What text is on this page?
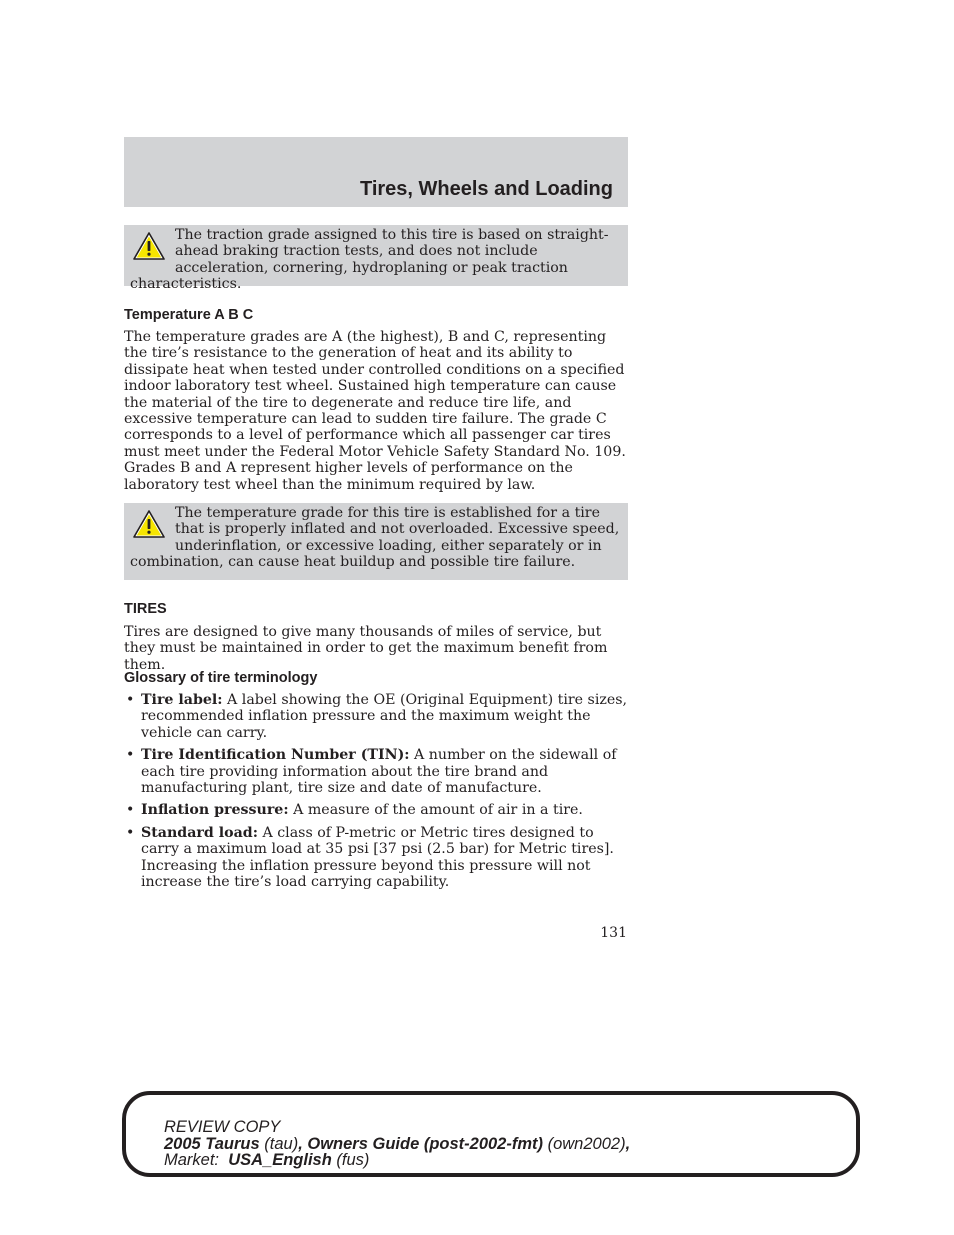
Tires, Wheels and Loading

The traction grade assigned to this tire is based on straight-ahead braking traction tests, and does not include acceleration, cornering, hydroplaning or peak traction characteristics.

Temperature A B C

The temperature grades are A (the highest), B and C, representing the tire’s resistance to the generation of heat and its ability to dissipate heat when tested under controlled conditions on a specified indoor laboratory test wheel. Sustained high temperature can cause the material of the tire to degenerate and reduce tire life, and excessive temperature can lead to sudden tire failure. The grade C corresponds to a level of performance which all passenger car tires must meet under the Federal Motor Vehicle Safety Standard No. 109. Grades B and A represent higher levels of performance on the laboratory test wheel than the minimum required by law.

The temperature grade for this tire is established for a tire that is properly inflated and not overloaded. Excessive speed, underinflation, or excessive loading, either separately or in combination, can cause heat buildup and possible tire failure.

TIRES

Tires are designed to give many thousands of miles of service, but they must be maintained in order to get the maximum benefit from them.

Glossary of tire terminology
• Tire label: A label showing the OE (Original Equipment) tire sizes, recommended inflation pressure and the maximum weight the vehicle can carry.
• Tire Identification Number (TIN): A number on the sidewall of each tire providing information about the tire brand and manufacturing plant, tire size and date of manufacture.
• Inflation pressure: A measure of the amount of air in a tire.
• Standard load: A class of P-metric or Metric tires designed to carry a maximum load at 35 psi [37 psi (2.5 bar) for Metric tires]. Increasing the inflation pressure beyond this pressure will not increase the tire’s load carrying capability.
131
REVIEW COPY
2005 Taurus (tau), Owners Guide (post-2002-fmt) (own2002),
Market:  USA_English (fus)
